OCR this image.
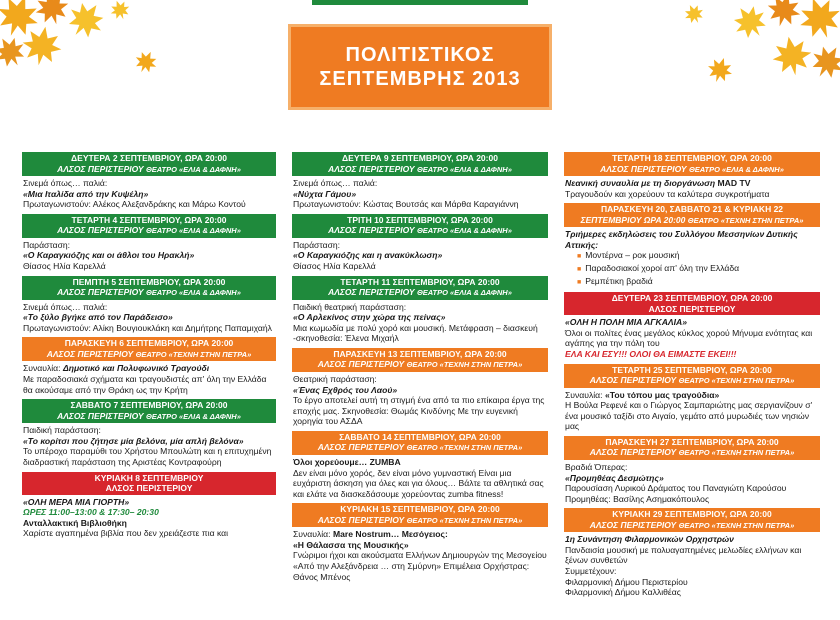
ΠΟΛΙΤΙΣΤΙΚΟΣ
ΣΕΠΤΕΜΒΡΗΣ 2013
ΔΕΥΤΕΡΑ 2 ΣΕΠΤΕΜΒΡΙΟΥ, ΩΡΑ 20:00
ΑΛΣΟΣ ΠΕΡΙΣΤΕΡΙΟΥ ΘΕΑΤΡΟ «ΕΛΙΑ & ΔΑΦΝΗ»

Σινεμά όπως… παλιά:

«Μια Ιταλίδα από την Κυψέλη»

Πρωταγωνιστούν: Αλέκος Αλεξανδράκης και Μάρω Κοντού

ΤΕΤΑΡΤΗ 4 ΣΕΠΤΕΜΒΡΙΟΥ, ΩΡΑ 20:00
ΑΛΣΟΣ ΠΕΡΙΣΤΕΡΙΟΥ ΘΕΑΤΡΟ «ΕΛΙΑ & ΔΑΦΝΗ»

Παράσταση:

«Ο Καραγκιόζης και οι άθλοι του Ηρακλή»

Θίασος Ηλία Καρελλά

ΠΕΜΠΤΗ 5 ΣΕΠΤΕΜΒΡΙΟΥ, ΩΡΑ 20:00
ΑΛΣΟΣ ΠΕΡΙΣΤΕΡΙΟΥ ΘΕΑΤΡΟ «ΕΛΙΑ & ΔΑΦΝΗ»

Σινεμά όπως… παλιά:

«Το ξύλο βγήκε από τον Παράδεισο»

Πρωταγωνιστούν: Αλίκη Βουγιουκλάκη και Δημήτρης Παπαμιχαήλ

ΠΑΡΑΣΚΕΥΗ 6 ΣΕΠΤΕΜΒΡΙΟΥ, ΩΡΑ 20:00
ΑΛΣΟΣ ΠΕΡΙΣΤΕΡΙΟΥ ΘΕΑΤΡΟ «ΤΕΧΝΗ ΣΤΗΝ ΠΕΤΡΑ»

Συναυλία: Δημοτικό και Πολυφωνικό Τραγούδι

Με παραδοσιακά σχήματα και τραγουδιστές απ' όλη την Ελλάδα θα ακούσαμε από την Θράκη ως την Κρήτη

ΣΑΒΒΑΤΟ 7 ΣΕΠΤΕΜΒΡΙΟΥ, ΩΡΑ 20:00
ΑΛΣΟΣ ΠΕΡΙΣΤΕΡΙΟΥ ΘΕΑΤΡΟ «ΕΛΙΑ & ΔΑΦΝΗ»

Παιδική παράσταση:

«Το κορίτσι που ζήτησε μία βελόνα, μία απλή βελόνα»

Το υπέροχο παραμύθι του Χρήστου Μπουλώτη και η επιτυχημένη διαδραστική παράσταση της Αριστέας Κοντραφούρη

ΚΥΡΙΑΚΗ 8 ΣΕΠΤΕΜΒΡΙΟΥ
ΑΛΣΟΣ ΠΕΡΙΣΤΕΡΙΟΥ

«ΟΛΗ ΜΕΡΑ ΜΙΑ ΓΙΟΡΤΗ»

ΩΡΕΣ 11:00–13:00 & 17:30– 20:30

Ανταλλακτική Βιβλιοθήκη

Χαρίστε αγαπημένα βιβλία που δεν χρειάζεστε πια και

ΔΕΥΤΕΡΑ 9 ΣΕΠΤΕΜΒΡΙΟΥ, ΩΡΑ 20:00
ΑΛΣΟΣ ΠΕΡΙΣΤΕΡΙΟΥ ΘΕΑΤΡΟ «ΕΛΙΑ & ΔΑΦΝΗ»

Σινεμά όπως… παλιά:

«Νύχτα Γάμου»

Πρωταγωνιστούν: Κώστας Βουτσάς και Μάρθα Καραγιάννη

ΤΡΙΤΗ 10 ΣΕΠΤΕΜΒΡΙΟΥ, ΩΡΑ 20:00
ΑΛΣΟΣ ΠΕΡΙΣΤΕΡΙΟΥ ΘΕΑΤΡΟ «ΕΛΙΑ & ΔΑΦΝΗ»

Παράσταση:

«Ο Καραγκιόζης και η ανακύκλωση»

Θίασος Ηλία Καρελλά

ΤΕΤΑΡΤΗ 11 ΣΕΠΤΕΜΒΡΙΟΥ, ΩΡΑ 20:00
ΑΛΣΟΣ ΠΕΡΙΣΤΕΡΙΟΥ ΘΕΑΤΡΟ «ΕΛΙΑ & ΔΑΦΝΗ»

Παιδική θεατρική παράσταση:

«Ο Αρλεκίνος στην χώρα της πείνας»

Μια κωμωδία με πολύ χορό και μουσική. Μετάφραση – διασκευή -σκηνοθεσία: Έλενα Μιχαήλ

ΠΑΡΑΣΚΕΥΗ 13 ΣΕΠΤΕΜΒΡΙΟΥ, ΩΡΑ 20:00
ΑΛΣΟΣ ΠΕΡΙΣΤΕΡΙΟΥ ΘΕΑΤΡΟ «ΤΕΧΝΗ ΣΤΗΝ ΠΕΤΡΑ»

Θεατρική παράσταση:

«Ένας Εχθρός του Λαού»

Το έργο αποτελεί αυτή τη στιγμή ένα από τα πιο επίκαιρα έργα της εποχής μας. Σκηνοθεσία: Θωμάς Κινδύνης Με την ευγενική χορηγία του ΑΣΔΑ

ΣΑΒΒΑΤΟ 14 ΣΕΠΤΕΜΒΡΙΟΥ, ΩΡΑ 20:00
ΑΛΣΟΣ ΠΕΡΙΣΤΕΡΙΟΥ ΘΕΑΤΡΟ «ΤΕΧΝΗ ΣΤΗΝ ΠΕΤΡΑ»

Όλοι χορεύουμε… ZUMBA

Δεν είναι μόνο χορός, δεν είναι μόνο γυμναστική Είναι μια ευχάριστη άσκηση για όλες και για όλους… Βάλτε τα αθλητικά σας και ελάτε να διασκεδάσουμε χορεύοντας zumba fitness!

ΚΥΡΙΑΚΗ 15 ΣΕΠΤΕΜΒΡΙΟΥ, ΩΡΑ 20:00
ΑΛΣΟΣ ΠΕΡΙΣΤΕΡΙΟΥ ΘΕΑΤΡΟ «ΤΕΧΝΗ ΣΤΗΝ ΠΕΤΡΑ»

Συναυλία: Mare Nostrum… Μεσόγειος:

«Η Θάλασσα της Μουσικής»

Γνώριμοι ήχοι και ακούσματα Ελλήνων Δημιουργών της Μεσογείου «Από την Αλεξάνδρεια … στη Σμύρνη» Επιμέλεια Ορχήστρας: Θάνος Μπένος

ΤΕΤΑΡΤΗ 18 ΣΕΠΤΕΜΒΡΙΟΥ, ΩΡΑ 20:00
ΑΛΣΟΣ ΠΕΡΙΣΤΕΡΙΟΥ ΘΕΑΤΡΟ «ΕΛΙΑ & ΔΑΦΝΗ»

Νεανική συναυλία με τη διοργάνωση MAD TV

Τραγουδούν και χορεύουν τα καλύτερα συγκροτήματα

ΠΑΡΑΣΚΕΥΗ 20, ΣΑΒΒΑΤΟ 21 & ΚΥΡΙΑΚΗ 22
ΣΕΠΤΕΜΒΡΙΟΥ ΩΡΑ 20:00 ΘΕΑΤΡΟ «ΤΕΧΝΗ ΣΤΗΝ ΠΕΤΡΑ»

Τριήμερες εκδηλώσεις του Συλλόγου Μεσσηνίων Δυτικής Αττικής:

■ Μοντέρνα – ροκ μουσική
■ Παραδοσιακοί χοροί απ' όλη την Ελλάδα
■ Ρεμπέτικη βραδιά
ΔΕΥΤΕΡΑ 23 ΣΕΠΤΕΜΒΡΙΟΥ, ΩΡΑ 20:00
ΑΛΣΟΣ ΠΕΡΙΣΤΕΡΙΟΥ

«ΟΛΗ Η ΠΟΛΗ ΜΙΑ ΑΓΚΑΛΙΑ»

Όλοι οι πολίτες ένας μεγάλος κύκλος χορού Μήνυμα ενότητας και αγάπης για την πόλη του

ΕΛΑ ΚΑΙ ΕΣΥ!!! ΟΛΟΙ ΘΑ ΕΙΜΑΣΤΕ ΕΚΕΙ!!!

ΤΕΤΑΡΤΗ 25 ΣΕΠΤΕΜΒΡΙΟΥ, ΩΡΑ 20:00
ΑΛΣΟΣ ΠΕΡΙΣΤΕΡΙΟΥ ΘΕΑΤΡΟ «ΤΕΧΝΗ ΣΤΗΝ ΠΕΤΡΑ»

Συναυλία: «Του τόπου μας τραγούδια»

Η Βούλα Ρεφενέ και ο Γιώργος Σαμπαριώτης μας σεργιανίζουν σ' ένα μουσικό ταξίδι στο Αιγαίο, γεμάτο από μυρωδιές των νησιών μας

ΠΑΡΑΣΚΕΥΗ 27 ΣΕΠΤΕΜΒΡΙΟΥ, ΩΡΑ 20:00
ΑΛΣΟΣ ΠΕΡΙΣΤΕΡΙΟΥ ΘΕΑΤΡΟ «ΤΕΧΝΗ ΣΤΗΝ ΠΕΤΡΑ»

Βραδιά Όπερας:

«Προμηθέας Δεσμώτης»

Παρουσίαση Λυρικού Δράματος του Παναγιώτη Καρούσου Προμηθέας: Βασίλης Ασημακόπουλος

ΚΥΡΙΑΚΗ 29 ΣΕΠΤΕΜΒΡΙΟΥ, ΩΡΑ 20:00
ΑΛΣΟΣ ΠΕΡΙΣΤΕΡΙΟΥ ΘΕΑΤΡΟ «ΤΕΧΝΗ ΣΤΗΝ ΠΕΤΡΑ»

1η Συνάντηση Φιλαρμονικών Ορχηστρών

Πανδαισία μουσική με πολυαγαπημένες μελωδίες ελλήνων και ξένων συνθετών

Συμμετέχουν:

Φιλαρμονική Δήμου Περιστερίου

Φιλαρμονική Δήμου Καλλιθέας
